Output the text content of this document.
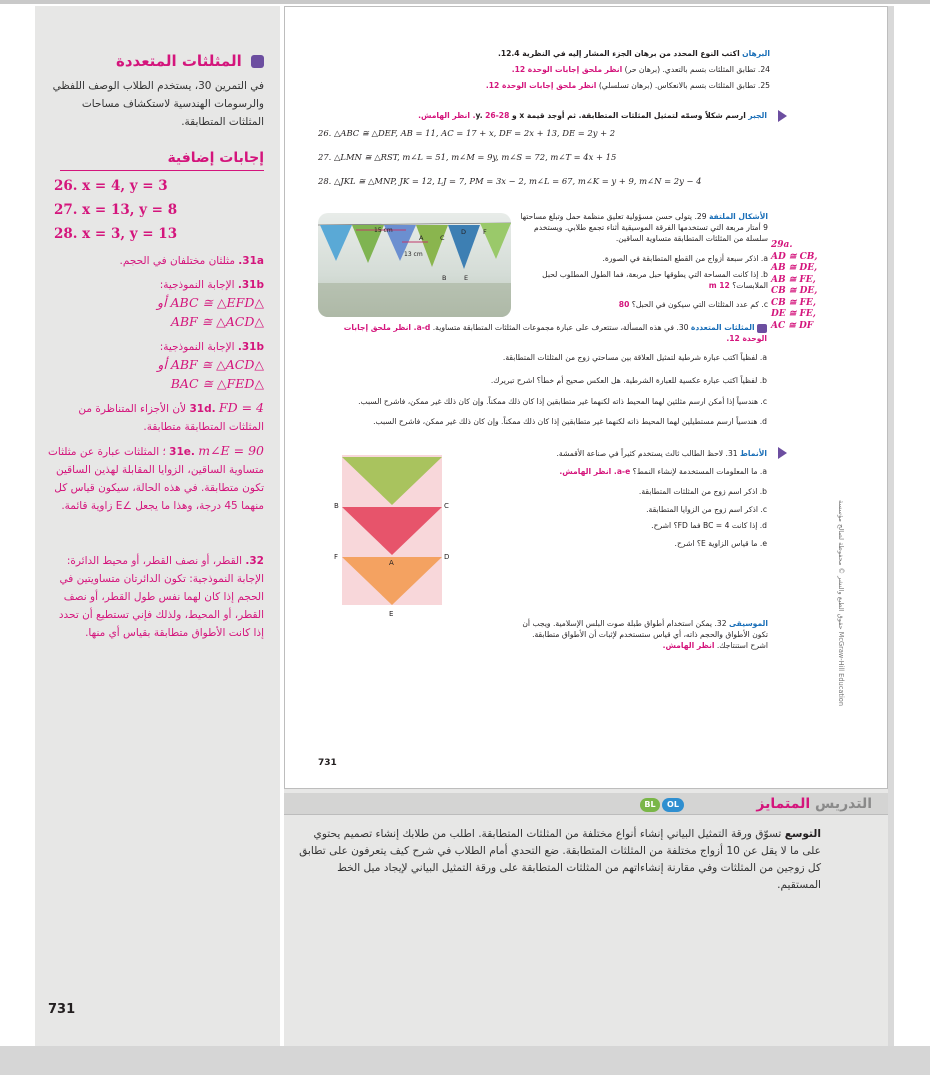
المثلثات المتعددة
في التمرين 30، يستخدم الطلاب الوصف اللفظي والرسومات الهندسية لاستكشاف مساحات المثلثات المتطابقة.
إجابات إضافية
26. x = 4, y = 3
27. x = 13, y = 8
28. x = 3, y = 13
31a. مثلثان مختلفان في الحجم.
31b. الإجابة النموذجية:
△ABC ≅ △EFD أو
△ABF ≅ △ACD
31b. الإجابة النموذجية:
△ABF ≅ △ACD أو
△BAC ≅ △FED
31d. FD = 4 لأن الأجزاء المتناظرة من المثلثات المتطابقة متطابقة.
31e. m∠E = 90 ؛ المثلثات عبارة عن مثلثات متساوية الساقين، الزوايا المقابلة لهذين الساقين تكون متطابقة. في هذه الحالة، سيكون قياس كل منهما 45 درجة، وهذا ما يجعل ∠E زاوية قائمة.
32. القطر، أو نصف القطر، أو محيط الدائرة: الإجابة النموذجية: تكون الدائرتان متساويتين في الحجم إذا كان لهما نفس طول القطر، أو نصف القطر، أو المحيط، ولذلك فإني تستطيع أن تحدد إذا كانت الأطواق متطابقة بقياس أي منها.
731
البرهان اكتب النوع المحدد من برهان الجزء المشار إليه في النظرية 12.4.
24. تطابق المثلثات بتسم بالتعدي. (برهان حر) انظر ملحق إجابات الوحدة 12.
25. تطابق المثلثات بتسم بالانعكاس. (برهان تسلسلي) انظر ملحق إجابات الوحدة 12.
الجبر ارسم شكلاً وسمّه لتمثيل المثلثات المتطابقة. ثم أوجد قيمة x و y. 26-28. انظر الهامش.
26. △ABC ≅ △DEF, AB = 11, AC = 17 + x, DF = 2x + 13, DE = 2y + 2
27. △LMN ≅ △RST, m∠L = 51, m∠M = 9y, m∠S = 72, m∠T = 4x + 15
28. △JKL ≅ △MNP, JK = 12, LJ = 7, PM = 3x − 2, m∠L = 67, m∠K = y + 9, m∠N = 2y − 4
15 cm
13 cm
A
B
C
D
E
F
الأشكال الملتفة 29. يتولى حسن مسؤولية تعليق منظمة حمل وتبلغ مساحتها 9 أمتار مربعة التي تستخدمها الفرقة الموسيقية أثناء تجمع طلابي. ويستخدم سلسلة من المثلثات المتطابقة متساوية الساقين.
a. اذكر سبعة أزواج من القطع المتطابقة في الصورة.
b. إذا كانت المساحة التي يطوقها حبل مربعة، فما الطول المطلوب لحبل الملابسات؟ 12 m
c. كم عدد المثلثات التي سيكون في الحبل؟ 80
29a.
AD ≅ CB,
AB ≅ DE,
AB ≅ FE,
CB ≅ DE,
CB ≅ FE,
DE ≅ FE,
AC ≅ DF
المثلثات المتعددة 30. في هذه المسألة، ستتعرف على عبارة مجموعات المثلثات المتطابقة متساوية. a-d. انظر ملحق إجابات الوحدة 12.
a. لفظياً اكتب عبارة شرطية لتمثيل العلاقة بين مساحتي زوج من المثلثات المتطابقة.
b. لفظياً اكتب عبارة عكسية للعبارة الشرطية. هل العكس صحيح أم خطأ؟ اشرح تبريرك.
c. هندسياً إذا أمكن ارسم مثلثين لهما المحيط ذاته لكنهما غير متطابقين إذا كان ذلك ممكناً. وإن كان ذلك غير ممكن، فاشرح السبب.
d. هندسياً ارسم مستطيلين لهما المحيط ذاته لكنهما غير متطابقين إذا كان ذلك ممكناً. وإن كان ذلك غير ممكن، فاشرح السبب.
الأنماط 31. لاحظ الطالب ثالث يستخدم كثيراً في صناعة الأقمشة.
a. ما المعلومات المستخدمة لإنشاء النمط؟ a-e. انظر الهامش.
b. اذكر اسم زوج من المثلثات المتطابقة.
c. اذكر اسم زوج من الزوايا المتطابقة.
d. إذا كانت BC = 4 فما FD؟ اشرح.
e. ما قياس الزاوية E؟ اشرح.
B	C
F	D
A
E
الموسيقى 32. يمكن استخدام أطواق طبلة صوت البلس الإسلامية. ويجب أن تكون الأطواق والحجم ذاته، أي قياس ستستخدم لإثبات أن الأطواق متطابقة. اشرح استنتاجك. انظر الهامش.
حقوق الطبع والنشر © محفوظة لصالح مؤسسة McGraw-Hill Education
731
التدريس المتمايز
OL
BL
التوسع تسوّق ورقة التمثيل البياني إنشاء أنواع مختلفة من المثلثات المتطابقة. اطلب من طلابك إنشاء تصميم يحتوي على ما لا يقل عن 10 أزواج مختلفة من المثلثات المتطابقة. ضع التحدي أمام الطلاب في شرح كيف يتعرفون على تطابق كل زوجين من المثلثات وفي مقارنة إنشاءاتهم من المثلثات المتطابقة على ورقة التمثيل البياني لإيجاد ميل الخط المستقيم.
